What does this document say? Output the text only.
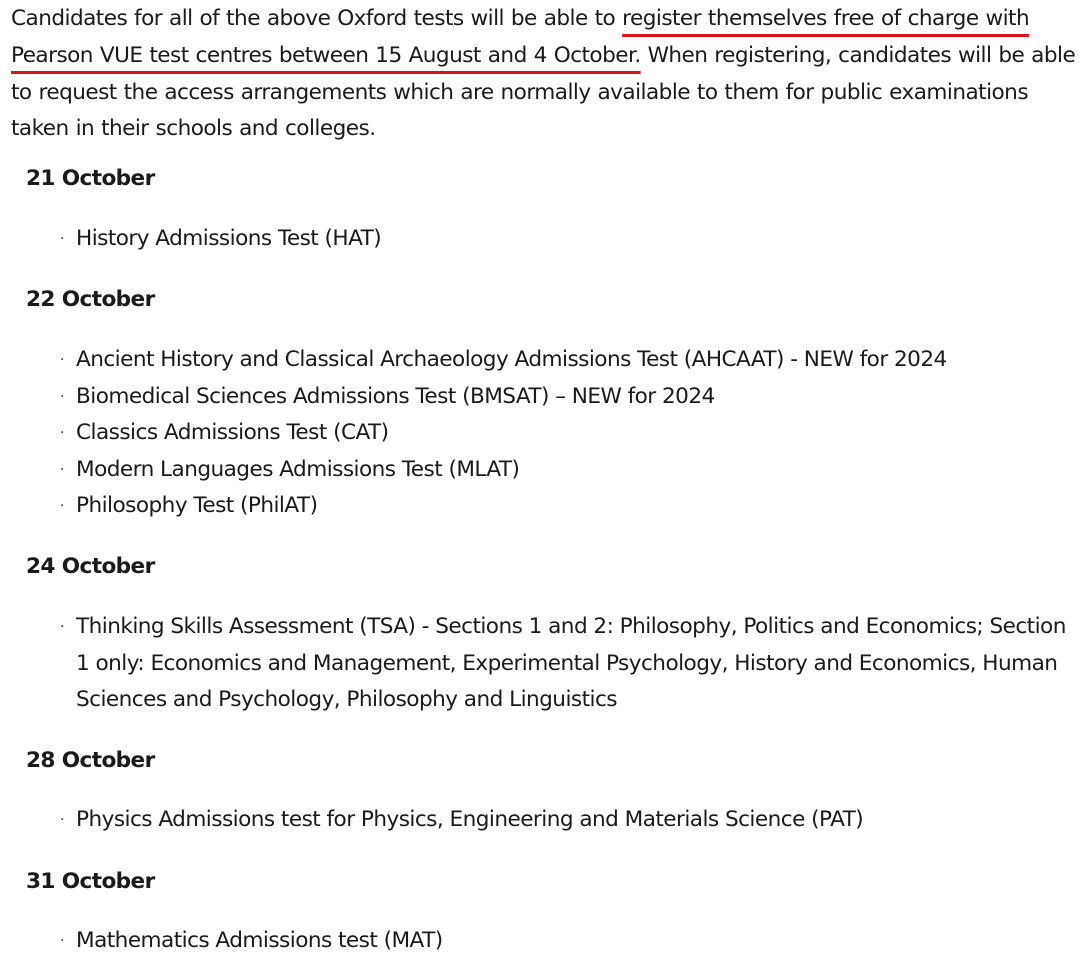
Candidates for all of the above Oxford tests will be able to register themselves free of charge with Pearson VUE test centres between 15 August and 4 October. When registering, candidates will be able to request the access arrangements which are normally available to them for public examinations taken in their schools and colleges.

21 October
· History Admissions Test (HAT)
22 October
· Ancient History and Classical Archaeology Admissions Test (AHCAAT) - NEW for 2024
· Biomedical Sciences Admissions Test (BMSAT) – NEW for 2024
· Classics Admissions Test (CAT)
· Modern Languages Admissions Test (MLAT)
· Philosophy Test (PhilAT)
24 October
· Thinking Skills Assessment (TSA) - Sections 1 and 2: Philosophy, Politics and Economics; Section 1 only: Economics and Management, Experimental Psychology, History and Economics, Human Sciences and Psychology, Philosophy and Linguistics
28 October
· Physics Admissions test for Physics, Engineering and Materials Science (PAT)
31 October
· Mathematics Admissions test (MAT)
